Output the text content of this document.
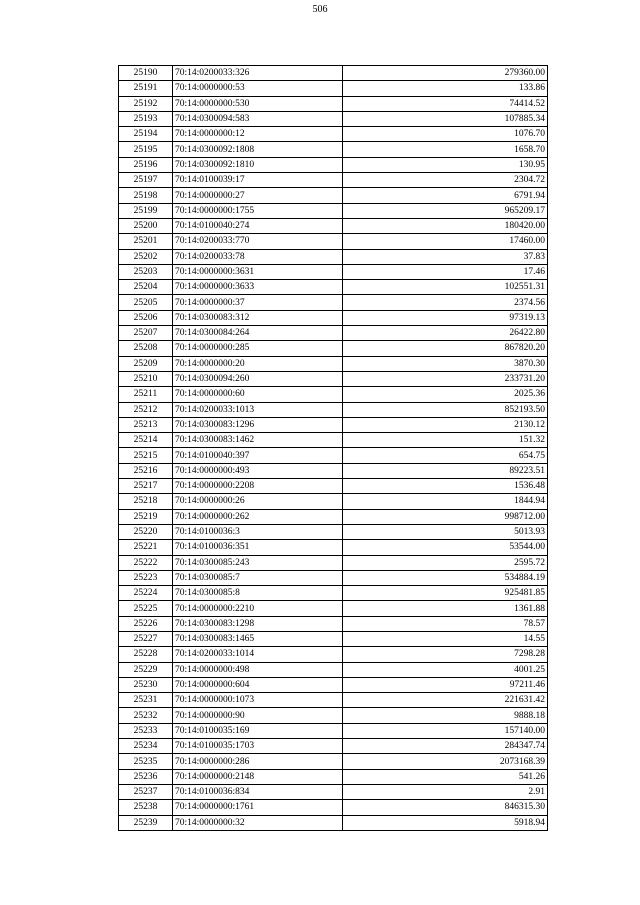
506
25190	70:14:0200033:326	279360.00
25191	70:14:0000000:53	133.86
25192	70:14:0000000:530	74414.52
25193	70:14:0300094:583	107885.34
25194	70:14:0000000:12	1076.70
25195	70:14:0300092:1808	1658.70
25196	70:14:0300092:1810	130.95
25197	70:14:0100039:17	2304.72
25198	70:14:0000000:27	6791.94
25199	70:14:0000000:1755	965209.17
25200	70:14:0100040:274	180420.00
25201	70:14:0200033:770	17460.00
25202	70:14:0200033:78	37.83
25203	70:14:0000000:3631	17.46
25204	70:14:0000000:3633	102551.31
25205	70:14:0000000:37	2374.56
25206	70:14:0300083:312	97319.13
25207	70:14:0300084:264	26422.80
25208	70:14:0000000:285	867820.20
25209	70:14:0000000:20	3870.30
25210	70:14:0300094:260	233731.20
25211	70:14:0000000:60	2025.36
25212	70:14:0200033:1013	852193.50
25213	70:14:0300083:1296	2130.12
25214	70:14:0300083:1462	151.32
25215	70:14:0100040:397	654.75
25216	70:14:0000000:493	89223.51
25217	70:14:0000000:2208	1536.48
25218	70:14:0000000:26	1844.94
25219	70:14:0000000:262	998712.00
25220	70:14:0100036:3	5013.93
25221	70:14:0100036:351	53544.00
25222	70:14:0300085:243	2595.72
25223	70:14:0300085:7	534884.19
25224	70:14:0300085:8	925481.85
25225	70:14:0000000:2210	1361.88
25226	70:14:0300083:1298	78.57
25227	70:14:0300083:1465	14.55
25228	70:14:0200033:1014	7298.28
25229	70:14:0000000:498	4001.25
25230	70:14:0000000:604	97211.46
25231	70:14:0000000:1073	221631.42
25232	70:14:0000000:90	9888.18
25233	70:14:0100035:169	157140.00
25234	70:14:0100035:1703	284347.74
25235	70:14:0000000:286	2073168.39
25236	70:14:0000000:2148	541.26
25237	70:14:0100036:834	2.91
25238	70:14:0000000:1761	846315.30
25239	70:14:0000000:32	5918.94
